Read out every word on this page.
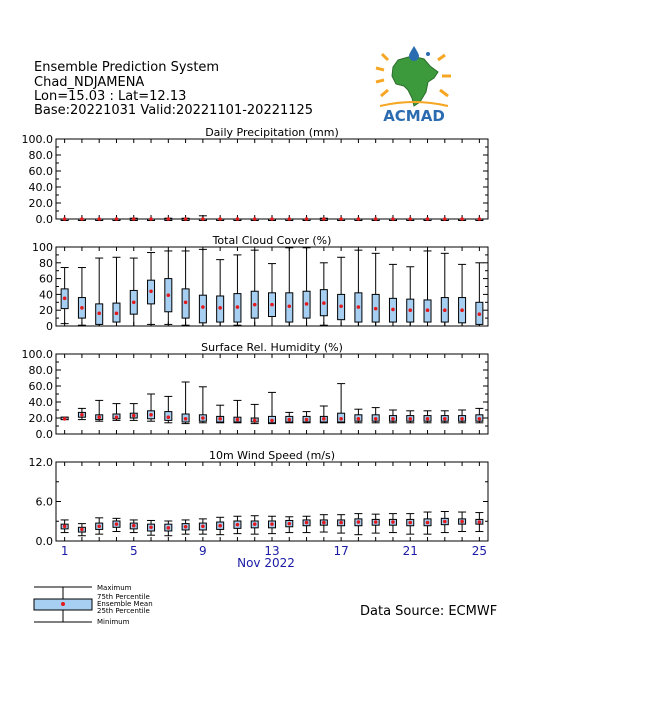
Ensemble Prediction System
Chad_NDJAMENA
Lon=15.03 : Lat=12.13
Base:20221031 Valid:20221101-20221125	ACMAD
Daily Precipitation (mm)
0.0
20.0
40.0
60.0
80.0
100.0
Total Cloud Cover (%)
0
20
40
60
80
100
Surface Rel. Humidity (%)
0.0
20.0
40.0
60.0
80.0
100.0
10m Wind Speed (m/s)
0.0
6.0
12.0
1	5	9	13	17	21	25
Nov 2022
Maximum
75th Percentile
Ensemble Mean
25th Percentile
Minimum
Data Source: ECMWF
